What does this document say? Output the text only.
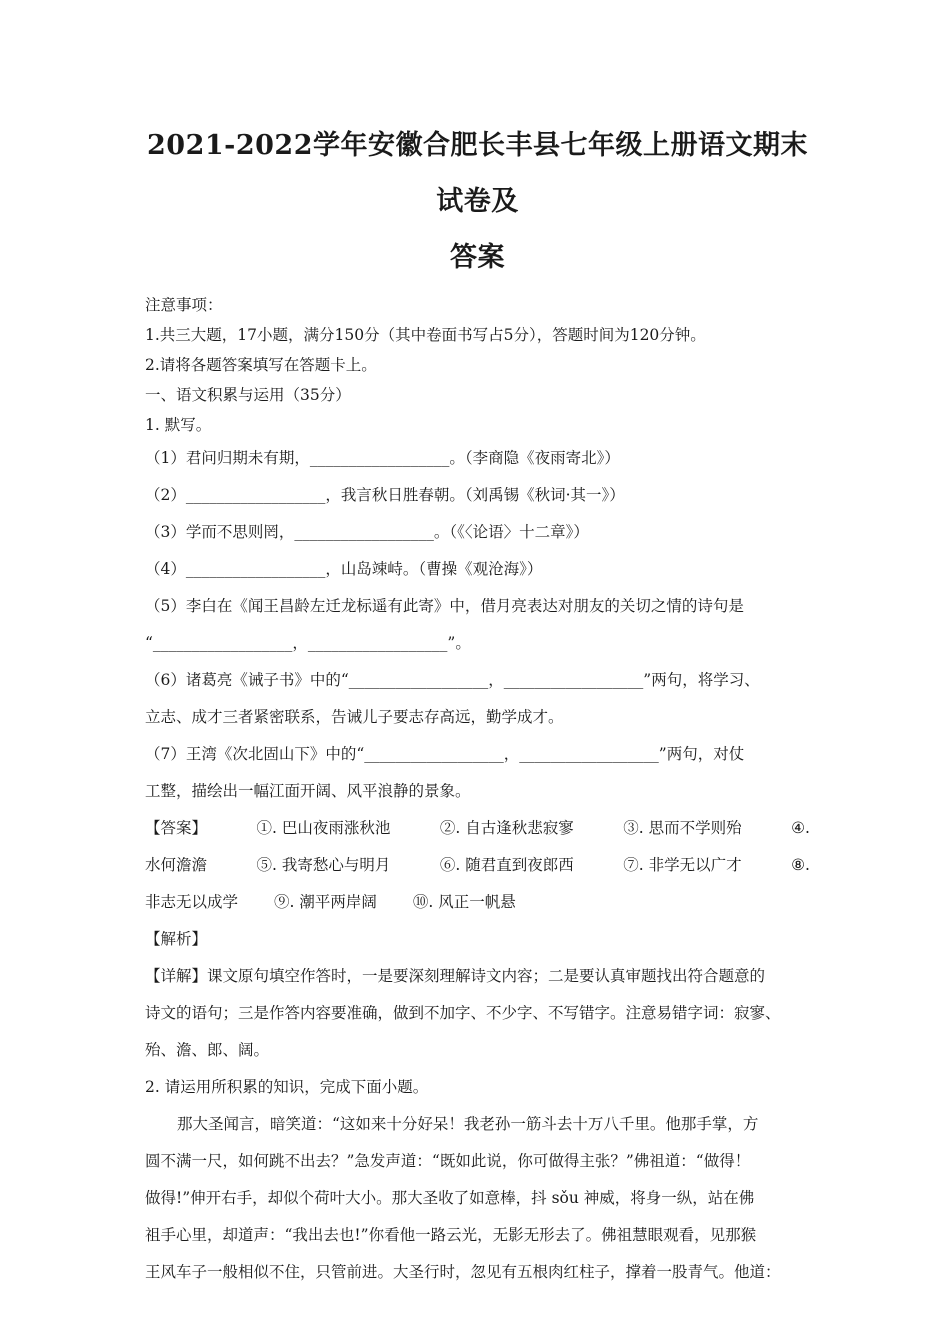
2021-2022学年安徽合肥长丰县七年级上册语文期末试卷及
答案
注意事项：
1.共三大题，17小题，满分150分（其中卷面书写占5分），答题时间为120分钟。
2.请将各题答案填写在答题卡上。
一、语文积累与运用（35分）
1. 默写。
（1）君问归期未有期，__________________。（李商隐《夜雨寄北》）
（2）__________________，我言秋日胜春朝。（刘禹锡《秋词·其一》）
（3）学而不思则罔，__________________。（《〈论语〉十二章》）
（4）__________________，山岛竦峙。（曹操《观沧海》）
（5）李白在《闻王昌龄左迁龙标遥有此寄》中，借月亮表达对朋友的关切之情的诗句是
“__________________，__________________”。
（6）诸葛亮《诫子书》中的“__________________，__________________”两句，将学习、
立志、成才三者紧密联系，告诫儿子要志存高远，勤学成才。
（7）王湾《次北固山下》中的“__________________，__________________”两句，对仗
工整，描绘出一幅江面开阔、风平浪静的景象。
【答案】	①. 巴山夜雨涨秋池	②. 自古逢秋悲寂寥	③. 思而不学则殆	④.
水何澹澹	⑤. 我寄愁心与明月	⑥. 随君直到夜郎西	⑦. 非学无以广才	⑧.
非志无以成学 ⑨. 潮平两岸阔 ⑩. 风正一帆悬
【解析】
【详解】课文原句填空作答时，一是要深刻理解诗文内容；二是要认真审题找出符合题意的
诗文的语句；三是作答内容要准确，做到不加字、不少字、不写错字。注意易错字词：寂寥、
殆、澹、郎、阔。
2. 请运用所积累的知识，完成下面小题。
那大圣闻言，暗笑道：“这如来十分好呆！我老孙一筋斗去十万八千里。他那手掌，方
圆不满一尺，如何跳不出去？”急发声道：“既如此说，你可做得主张？”佛祖道：“做得！
做得!”伸开右手，却似个荷叶大小。那大圣收了如意棒，抖 sǒu 神威，将身一纵，站在佛
祖手心里，却道声：“我出去也!”你看他一路云光，无影无形去了。佛祖慧眼观看，见那猴
王风车子一般相似不住，只管前进。大圣行时，忽见有五根肉红柱子，撑着一股青气。他道：
